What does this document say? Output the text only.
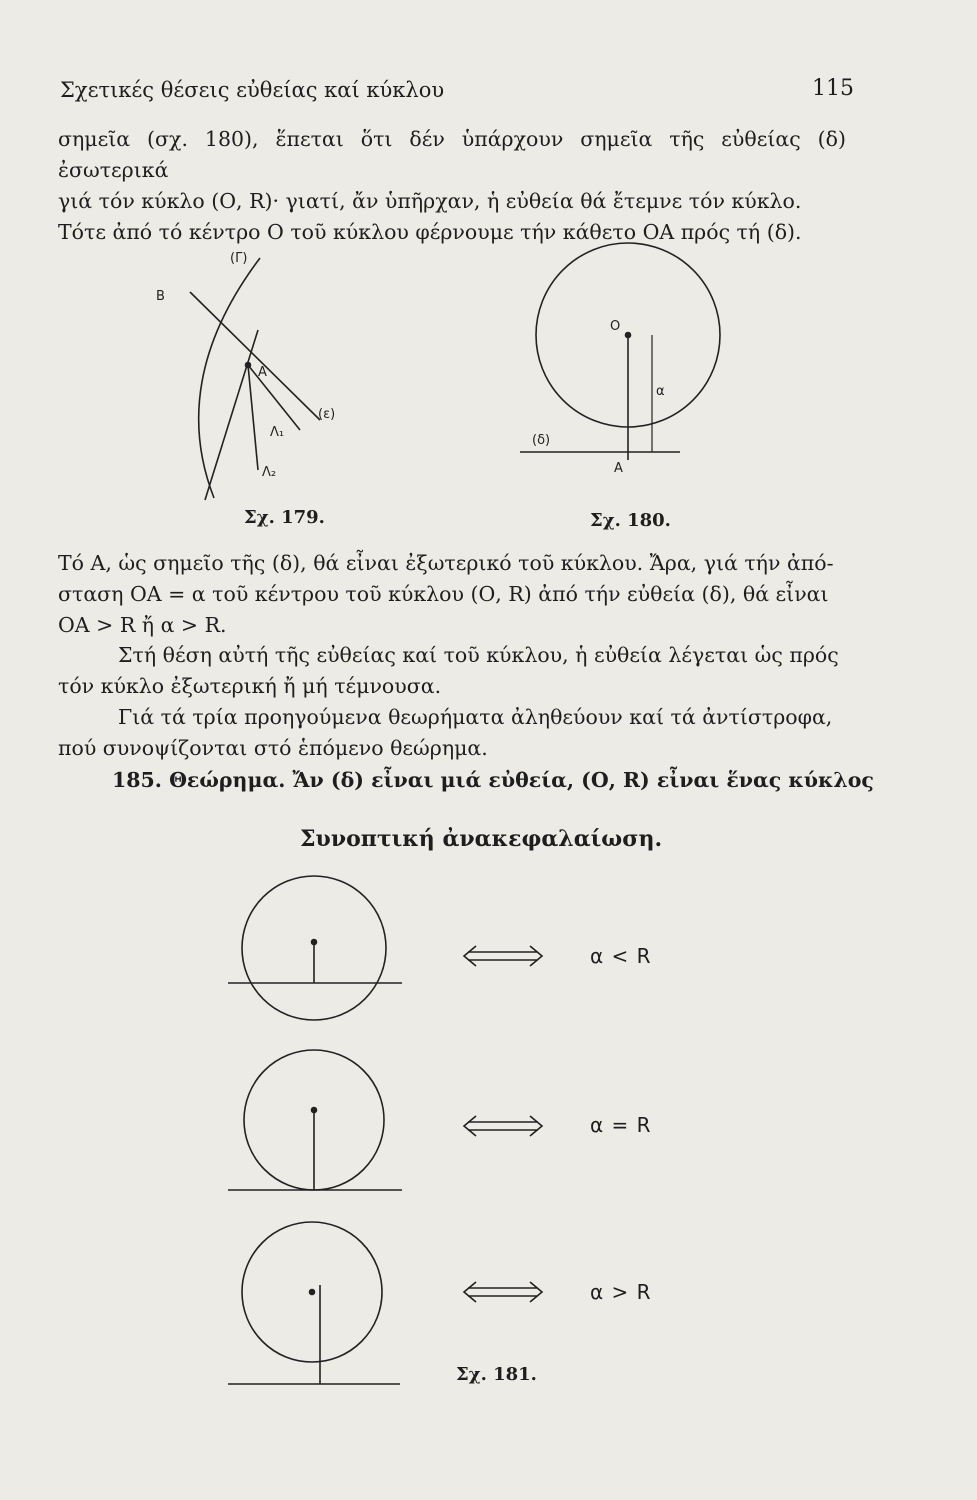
Σχετικές θέσεις εὐθείας καί κύκλου	115
σημεῖα (σχ. 180), ἕπεται ὅτι δέν ὑπάρχουν σημεῖα τῆς εὐθείας (δ) ἐσωτερικά
γιά τόν κύκλο (Ο, R)· γιατί, ἄν ὑπῆρχαν, ἡ εὐθεία θά ἔτεμνε τόν κύκλο.
Τότε ἀπό τό κέντρο Ο τοῦ κύκλου φέρνουμε τήν κάθετο ΟΑ πρός τή (δ).
(Γ)
Β
Α
(ε)
Λ₁
Λ₂
Ο
α
(δ)
Α
Σχ. 179.	Σχ. 180.
Τό Α, ὡς σημεῖο τῆς (δ), θά εἶναι ἐξωτερικό τοῦ κύκλου. Ἄρα, γιά τήν ἀπό-
σταση ΟΑ = α τοῦ κέντρου τοῦ κύκλου (Ο, R) ἀπό τήν εὐθεία (δ), θά εἶναι
ΟΑ > R ἤ α > R.
Στή θέση αὐτή τῆς εὐθείας καί τοῦ κύκλου, ἡ εὐθεία λέγεται ὡς πρός
τόν κύκλο ἐξωτερική ἤ μή τέμνουσα.
Γιά τά τρία προηγούμενα θεωρήματα ἀληθεύουν καί τά ἀντίστροφα,
πού συνοψίζονται στό ἑπόμενο θεώρημα.
185. Θεώρημα. Ἄν (δ) εἶναι μιά εὐθεία, (Ο, R) εἶναι ἕνας κύκλος
Συνοπτική ἀνακεφαλαίωση.
α < R
α = R
α > R
Σχ. 181.
